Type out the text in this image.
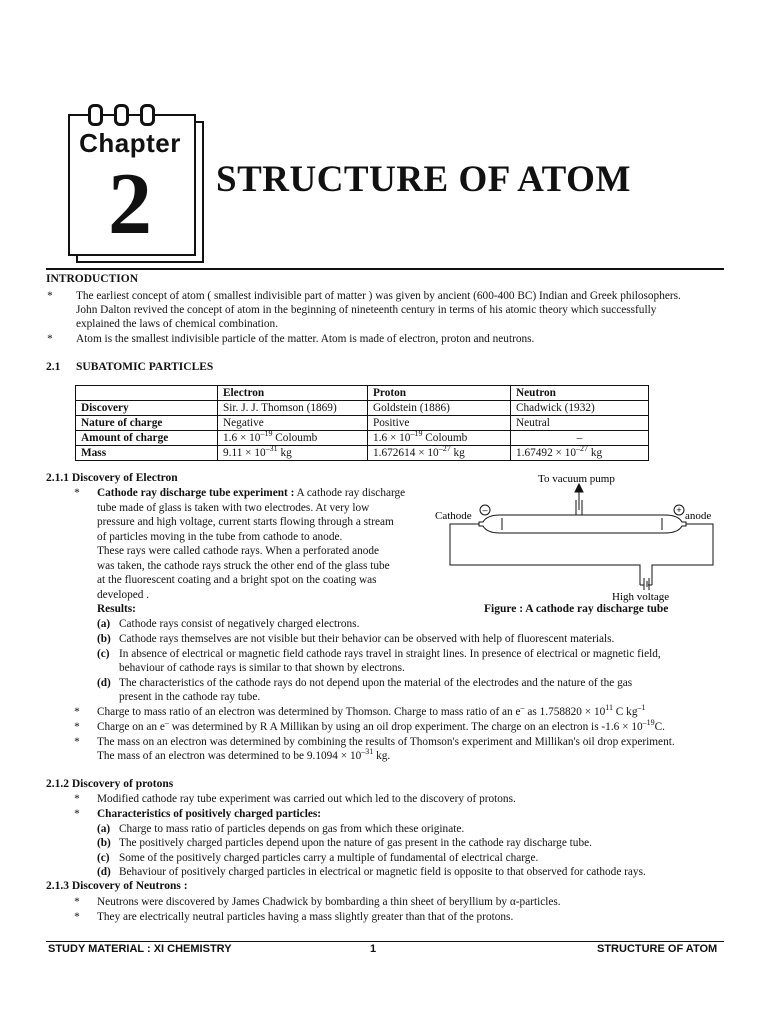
Chapter
2	STRUCTURE OF ATOM
INTRODUCTION
* The earliest concept of atom ( smallest indivisible part of matter ) was given by ancient (600-400 BC) Indian and Greek philosophers.
John Dalton revived the concept of atom in the beginning of nineteenth century in terms of his atomic theory which successfully
explained the laws of chemical combination.
* Atom is the smallest indivisible particle of the matter. Atom is made of electron, proton and neutrons.
2.1 SUBATOMIC PARTICLES
	Electron	Proton	Neutron
Discovery	Sir. J. J. Thomson (1869)	Goldstein (1886)	Chadwick (1932)
Nature of charge	Negative	Positive	Neutral
Amount of charge	$1.6 \times 10^{-19}$ Coloumb	$1.6 \times 10^{-19}$ Coloumb	–
Mass	$9.11 \times 10^{-31}$ kg	$1.672614 \times 10^{-27}$ kg	$1.67492 \times 10^{-27}$ kg
2.1.1 Discovery of Electron
* Cathode ray discharge tube experiment : A cathode ray discharge
tube made of glass is taken with two electrodes. At very low
pressure and high voltage, current starts flowing through a stream
of particles moving in the tube from cathode to anode.
These rays were called cathode rays. When a perforated anode
was taken, the cathode rays struck the other end of the glass tube
at the fluorescent coating and a bright spot on the coating was
developed .
Results:
–	+
To vacuum pump
Cathode	anode
High voltage
Figure : A cathode ray discharge tube
(a) Cathode rays consist of negatively charged electrons.
(b) Cathode rays themselves are not visible but their behavior can be observed with help of fluorescent materials.
(c) In absence of electrical or magnetic field cathode rays travel in straight lines. In presence of electrical or magnetic field,
behaviour of cathode rays is similar to that shown by electrons.
(d) The characteristics of the cathode rays do not depend upon the material of the electrodes and the nature of the gas
present in the cathode ray tube.
* Charge to mass ratio of an electron was determined by Thomson. Charge to mass ratio of an e– as $1.758820 \times 10^{11}$ C $kg^{-1}$
* Charge on an e– was determined by R A Millikan by using an oil drop experiment. The charge on an electron is $-1.6 \times 10^{-19}C$.
* The mass on an electron was determined by combining the results of Thomson's experiment and Millikan's oil drop experiment.
The mass of an electron was determined to be $9.1094 \times 10^{-31}$ kg.
2.1.2 Discovery of protons
* Modified cathode ray tube experiment was carried out which led to the discovery of protons.
* Characteristics of positively charged particles:
(a) Charge to mass ratio of particles depends on gas from which these originate.
(b) The positively charged particles depend upon the nature of gas present in the cathode ray discharge tube.
(c) Some of the positively charged particles carry a multiple of fundamental of electrical charge.
(d) Behaviour of positively charged particles in electrical or magnetic field is opposite to that observed for cathode rays.
2.1.3 Discovery of Neutrons :
* Neutrons were discovered by James Chadwick by bombarding a thin sheet of beryllium by α-particles.
* They are electrically neutral particles having a mass slightly greater than that of the protons.
STUDY MATERIAL : XI CHEMISTRY	1	STRUCTURE OF ATOM
